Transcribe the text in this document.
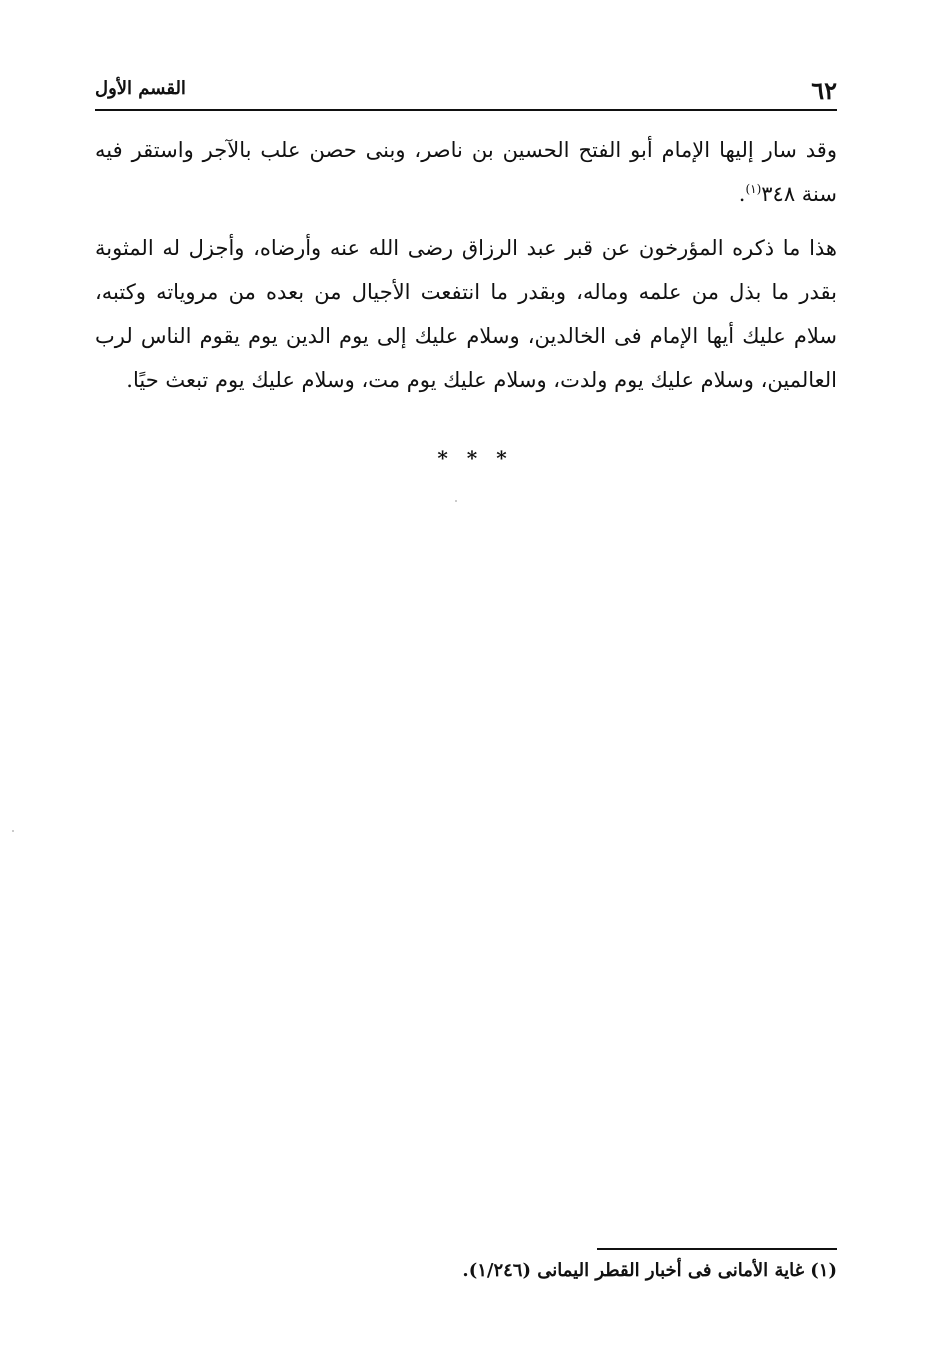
٦٢
القسم الأول

وقد سار إليها الإمام أبو الفتح الحسين بن ناصر، وبنى حصن علب بالآجر واستقر فيه سنة ٣٤٨$^{(١)}$.

هذا ما ذكره المؤرخون عن قبر عبد الرزاق رضى الله عنه وأرضاه، وأجزل له المثوبة بقدر ما بذل من علمه وماله، وبقدر ما انتفعت الأجيال من بعده من مروياته وكتبه، سلام عليك أيها الإمام فى الخالدين، وسلام عليك إلى يوم الدين يوم يقوم الناس لرب العالمين، وسلام عليك يوم ولدت، وسلام عليك يوم مت، وسلام عليك يوم تبعث حيًا.

* * *
(١) غاية الأمانى فى أخبار القطر اليمانى (١/٢٤٦).
